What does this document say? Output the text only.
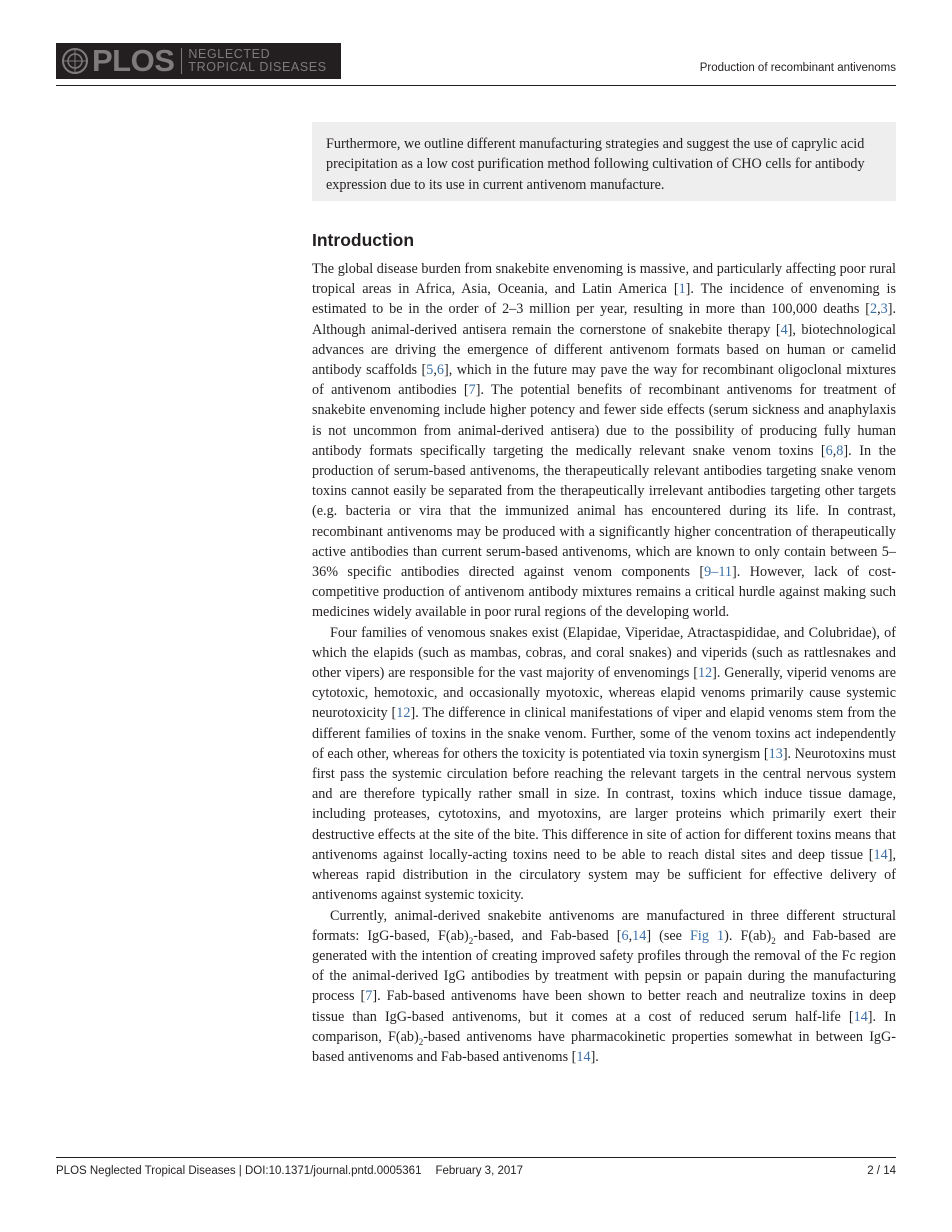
PLOS NEGLECTED
TROPICAL DISEASES	Production of recombinant antivenoms
Furthermore, we outline different manufacturing strategies and suggest the use of caprylic acid precipitation as a low cost purification method following cultivation of CHO cells for antibody expression due to its use in current antivenom manufacture.
Introduction

The global disease burden from snakebite envenoming is massive, and particularly affecting poor rural tropical areas in Africa, Asia, Oceania, and Latin America [1]. The incidence of envenoming is estimated to be in the order of 2–3 million per year, resulting in more than 100,000 deaths [2,3]. Although animal-derived antisera remain the cornerstone of snakebite therapy [4], biotechnological advances are driving the emergence of different antivenom formats based on human or camelid antibody scaffolds [5,6], which in the future may pave the way for recombinant oligoclonal mixtures of antivenom antibodies [7]. The potential benefits of recombinant antivenoms for treatment of snakebite envenoming include higher potency and fewer side effects (serum sickness and anaphylaxis is not uncommon from animal-derived antisera) due to the possibility of producing fully human antibody formats specifically targeting the medically relevant snake venom toxins [6,8]. In the production of serum-based antivenoms, the therapeutically relevant antibodies targeting snake venom toxins cannot easily be separated from the therapeutically irrelevant antibodies targeting other targets (e.g. bacteria or vira that the immunized animal has encountered during its life. In contrast, recombinant antivenoms may be produced with a significantly higher concentration of therapeutically active antibodies than current serum-based antivenoms, which are known to only contain between 5–36% specific antibodies directed against venom components [9–11]. However, lack of cost-competitive production of antivenom antibody mixtures remains a critical hurdle against making such medicines widely available in poor rural regions of the developing world.

Four families of venomous snakes exist (Elapidae, Viperidae, Atractaspididae, and Colubridae), of which the elapids (such as mambas, cobras, and coral snakes) and viperids (such as rattlesnakes and other vipers) are responsible for the vast majority of envenomings [12]. Generally, viperid venoms are cytotoxic, hemotoxic, and occasionally myotoxic, whereas elapid venoms primarily cause systemic neurotoxicity [12]. The difference in clinical manifestations of viper and elapid venoms stem from the different families of toxins in the snake venom. Further, some of the venom toxins act independently of each other, whereas for others the toxicity is potentiated via toxin synergism [13]. Neurotoxins must first pass the systemic circulation before reaching the relevant targets in the central nervous system and are therefore typically rather small in size. In contrast, toxins which induce tissue damage, including proteases, cytotoxins, and myotoxins, are larger proteins which primarily exert their destructive effects at the site of the bite. This difference in site of action for different toxins means that antivenoms against locally-acting toxins need to be able to reach distal sites and deep tissue [14], whereas rapid distribution in the circulatory system may be sufficient for effective delivery of antivenoms against systemic toxicity.

Currently, animal-derived snakebite antivenoms are manufactured in three different structural formats: IgG-based, $F(ab)_2$-based, and Fab-based [6,14] (see Fig 1). $F(ab)_2$ and Fab-based are generated with the intention of creating improved safety profiles through the removal of the Fc region of the animal-derived IgG antibodies by treatment with pepsin or papain during the manufacturing process [7]. Fab-based antivenoms have been shown to better reach and neutralize toxins in deep tissue than IgG-based antivenoms, but it comes at a cost of reduced serum half-life [14]. In comparison, $F(ab)_2$-based antivenoms have pharmacokinetic properties somewhat in between IgG-based antivenoms and Fab-based antivenoms [14].

PLOS Neglected Tropical Diseases | DOI:10.1371/journal.pntd.0005361 February 3, 2017	2 / 14
